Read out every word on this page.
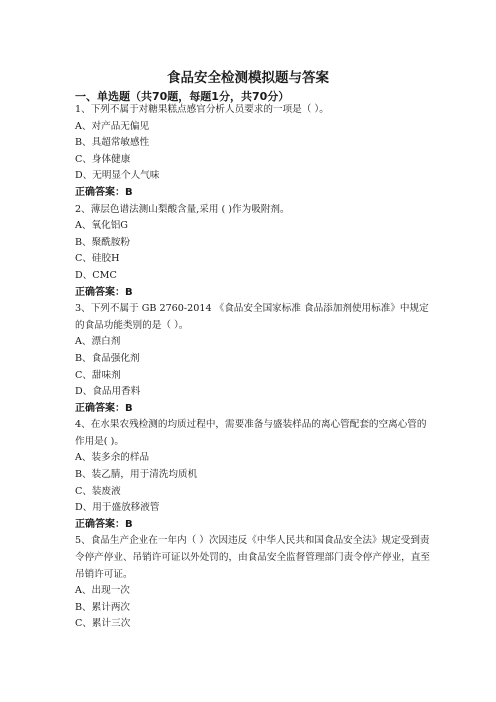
食品安全检测模拟题与答案
一、单选题（共70题，每题1分，共70分）
1、下列不属于对糖果糕点感官分析人员要求的一项是（ ）。
A、对产品无偏见
B、具超常敏感性
C、身体健康
D、无明显个人气味
正确答案：B
2、薄层色谱法测山梨酸含量,采用 ( )作为吸附剂。
A、氧化铝G
B、聚酰胺粉
C、硅胶H
D、CMC
正确答案：B
3、下列不属于 GB 2760-2014 《食品安全国家标准 食品添加剂使用标准》中规定的食品功能类别的是（ ）。
A、漂白剂
B、食品强化剂
C、甜味剂
D、食品用香料
正确答案：B
4、在水果农残检测的均质过程中，需要准备与盛装样品的离心管配套的空离心管的作用是( )。
A、装多余的样品
B、装乙腈，用于清洗均质机
C、装废液
D、用于盛放移液管
正确答案：B
5、食品生产企业在一年内（ ）次因违反《中华人民共和国食品安全法》规定受到责令停产停业、吊销许可证以外处罚的，由食品安全监督管理部门责令停产停业，直至吊销许可证。
A、出现一次
B、累计两次
C、累计三次
